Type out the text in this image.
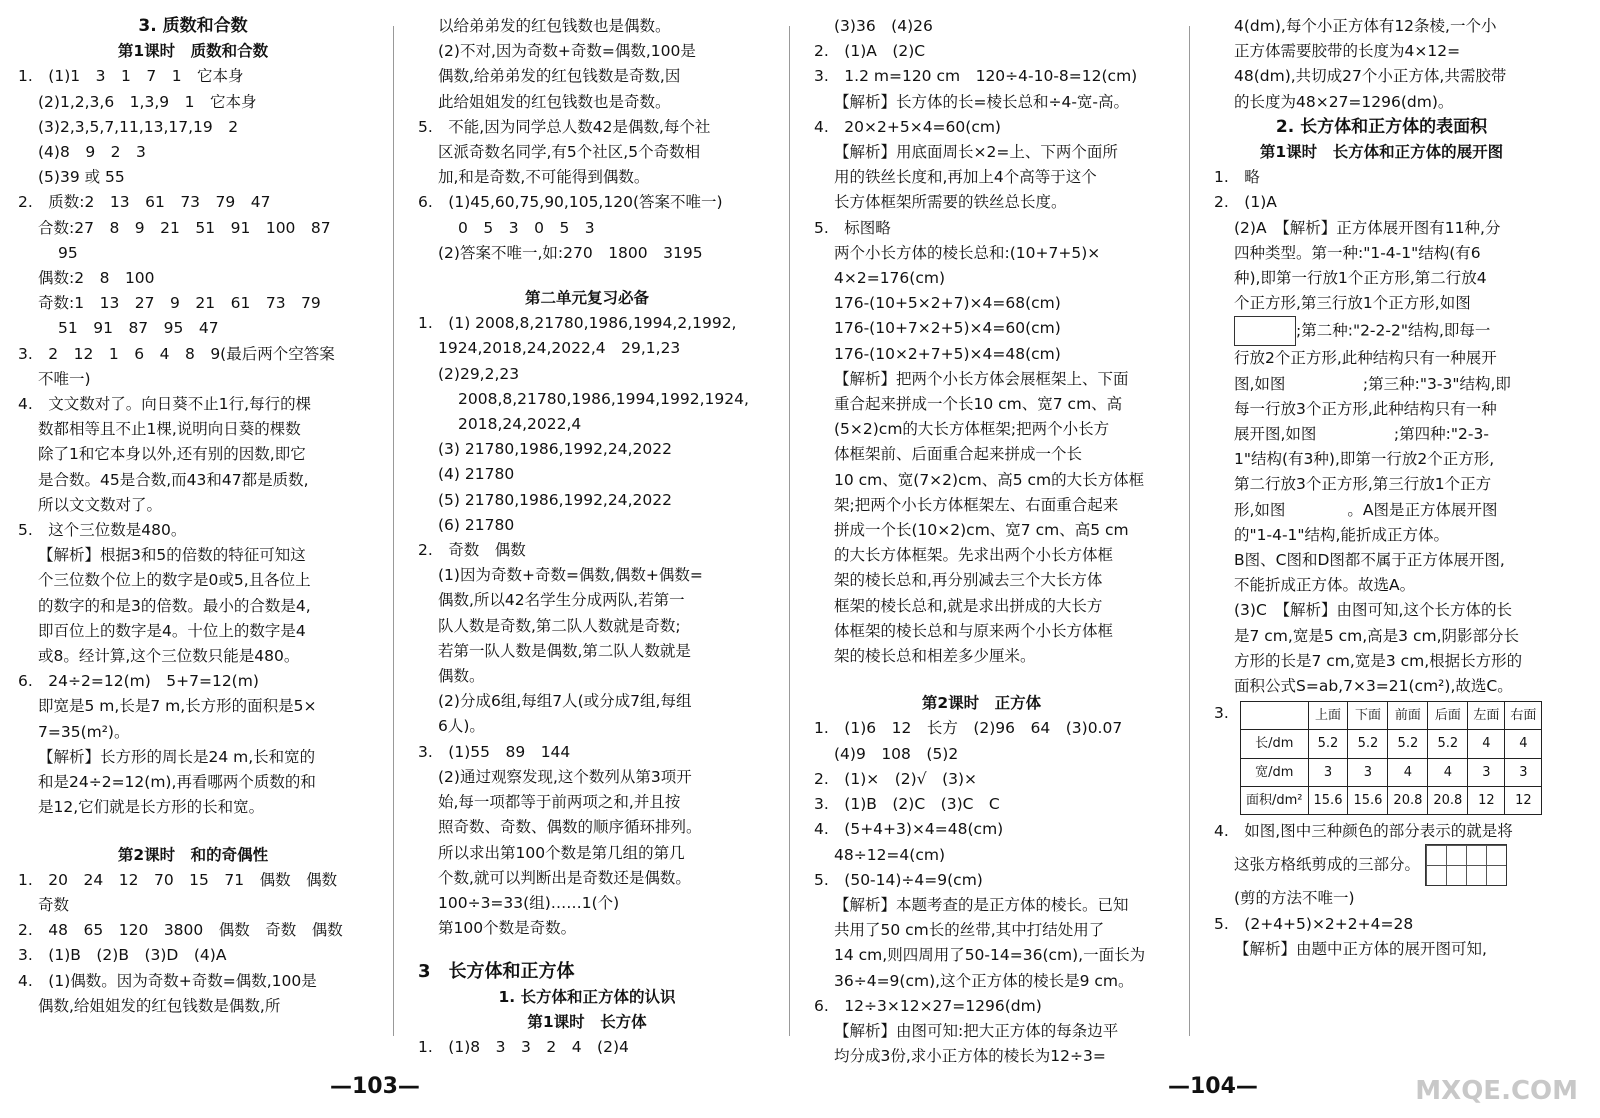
3. 质数和合数

第1课时　质数和合数

1.　(1)1　3　1　7　1　它本身

(2)1,2,3,6　1,3,9　1　它本身

(3)2,3,5,7,11,13,17,19　2

(4)8　9　2　3

(5)39 或 55

2.　质数:2　13　61　73　79　47

合数:27　8　9　21　51　91　100　87

95

偶数:2　8　100

奇数:1　13　27　9　21　61　73　79

51　91　87　95　47

3.　2　12　1　6　4　8　9(最后两个空答案

不唯一)

4.　文文数对了。向日葵不止1行,每行的棵

数都相等且不止1棵,说明向日葵的棵数

除了1和它本身以外,还有别的因数,即它

是合数。45是合数,而43和47都是质数,

所以文文数对了。

5.　这个三位数是480。

【解析】根据3和5的倍数的特征可知这

个三位数个位上的数字是0或5,且各位上

的数字的和是3的倍数。最小的合数是4,

即百位上的数字是4。十位上的数字是4

或8。经计算,这个三位数只能是480。

6.　24÷2=12(m)　5+7=12(m)

即宽是5 m,长是7 m,长方形的面积是5×

7=35(m²)。

【解析】长方形的周长是24 m,长和宽的

和是24÷2=12(m),再看哪两个质数的和

是12,它们就是长方形的长和宽。

第2课时　和的奇偶性

1.　20　24　12　70　15　71　偶数　偶数

奇数

2.　48　65　120　3800　偶数　奇数　偶数

3.　(1)B　(2)B　(3)D　(4)A

4.　(1)偶数。因为奇数+奇数=偶数,100是

偶数,给姐姐发的红包钱数是偶数,所

以给弟弟发的红包钱数也是偶数。

(2)不对,因为奇数+奇数=偶数,100是

偶数,给弟弟发的红包钱数是奇数,因

此给姐姐发的红包钱数也是奇数。

5.　不能,因为同学总人数42是偶数,每个社

区派奇数名同学,有5个社区,5个奇数相

加,和是奇数,不可能得到偶数。

6.　(1)45,60,75,90,105,120(答案不唯一)

0　5　3　0　5　3

(2)答案不唯一,如:270　1800　3195

第二单元复习必备

1.　(1) 2008,8,21780,1986,1994,2,1992,

1924,2018,24,2022,4　29,1,23

(2)29,2,23

2008,8,21780,1986,1994,1992,1924,

2018,24,2022,4

(3) 21780,1986,1992,24,2022

(4) 21780

(5) 21780,1986,1992,24,2022

(6) 21780

2.　奇数　偶数

(1)因为奇数+奇数=偶数,偶数+偶数=

偶数,所以42名学生分成两队,若第一

队人数是奇数,第二队人数就是奇数;

若第一队人数是偶数,第二队人数就是

偶数。

(2)分成6组,每组7人(或分成7组,每组

6人)。

3.　(1)55　89　144

(2)通过观察发现,这个数列从第3项开

始,每一项都等于前两项之和,并且按

照奇数、奇数、偶数的顺序循环排列。

所以求出第100个数是第几组的第几

个数,就可以判断出是奇数还是偶数。

100÷3=33(组)……1(个)

第100个数是奇数。

3　长方体和正方体

1. 长方体和正方体的认识

第1课时　长方体

1.　(1)8　3　3　2　4　(2)4

(3)36　(4)26

2.　(1)A　(2)C

3.　1.2 m=120 cm　120÷4-10-8=12(cm)

【解析】长方体的长=棱长总和÷4-宽-高。

4.　20×2+5×4=60(cm)

【解析】用底面周长×2=上、下两个面所

用的铁丝长度和,再加上4个高等于这个

长方体框架所需要的铁丝总长度。

5.　标图略

两个小长方体的棱长总和:(10+7+5)×

4×2=176(cm)

176-(10+5×2+7)×4=68(cm)

176-(10+7×2+5)×4=60(cm)

176-(10×2+7+5)×4=48(cm)

【解析】把两个小长方体会展框架上、下面

重合起来拼成一个长10 cm、宽7 cm、高

(5×2)cm的大长方体框架;把两个小长方

体框架前、后面重合起来拼成一个长

10 cm、宽(7×2)cm、高5 cm的大长方体框

架;把两个小长方体框架左、右面重合起来

拼成一个长(10×2)cm、宽7 cm、高5 cm

的大长方体框架。先求出两个小长方体框

架的棱长总和,再分别减去三个大长方体

框架的棱长总和,就是求出拼成的大长方

体框架的棱长总和与原来两个小长方体框

架的棱长总和相差多少厘米。

第2课时　正方体

1.　(1)6　12　长方　(2)96　64　(3)0.07

(4)9　108　(5)2

2.　(1)×　(2)√　(3)×

3.　(1)B　(2)C　(3)C　C

4.　(5+4+3)×4=48(cm)

48÷12=4(cm)

5.　(50-14)÷4=9(cm)

【解析】本题考查的是正方体的棱长。已知

共用了50 cm长的丝带,其中打结处用了

14 cm,则四周用了50-14=36(cm),一面长为

36÷4=9(cm),这个正方体的棱长是9 cm。

6.　12÷3×12×27=1296(dm)

【解析】由图可知:把大正方体的每条边平

均分成3份,求小正方体的棱长为12÷3=

4(dm),每个小正方体有12条棱,一个小

正方体需要胶带的长度为4×12=

48(dm),共切成27个小正方体,共需胶带

的长度为48×27=1296(dm)。

2. 长方体和正方体的表面积

第1课时　长方体和正方体的展开图

1.　略

2.　(1)A

(2)A　【解析】正方体展开图有11种,分

四种类型。第一种:"1-4-1"结构(有6

种),即第一行放1个正方形,第二行放4

个正方形,第三行放1个正方形,如图

;第二种:"2-2-2"结构,即每一

行放2个正方形,此种结构只有一种展开

图,如图　　　　　;第三种:"3-3"结构,即

每一行放3个正方形,此种结构只有一种

展开图,如图　　　　　;第四种:"2-3-

1"结构(有3种),即第一行放2个正方形,

第二行放3个正方形,第三行放1个正方

形,如图　　　　。A图是正方体展开图

的"1-4-1"结构,能折成正方体。

B图、C图和D图都不属于正方体展开图,

不能折成正方体。故选A。

(3)C　【解析】由图可知,这个长方体的长

是7 cm,宽是5 cm,高是3 cm,阴影部分长

方形的长是7 cm,宽是3 cm,根据长方形的

面积公式S=ab,7×3=21(cm²),故选C。

3.
		上面	下面	前面	后面	左面	右面
长/dm	5.2	5.2	5.2	5.2	4	4
宽/dm	3	3	4	4	3	3
面积/dm²	15.6	15.6	20.8	20.8	12	12

4.　如图,图中三种颜色的部分表示的就是将

这张方格纸剪成的三部分。

(剪的方法不唯一)

5.　(2+4+5)×2+2+4=28

【解析】由题中正方体的展开图可知,

—103—	—104—	MXQE.COM
